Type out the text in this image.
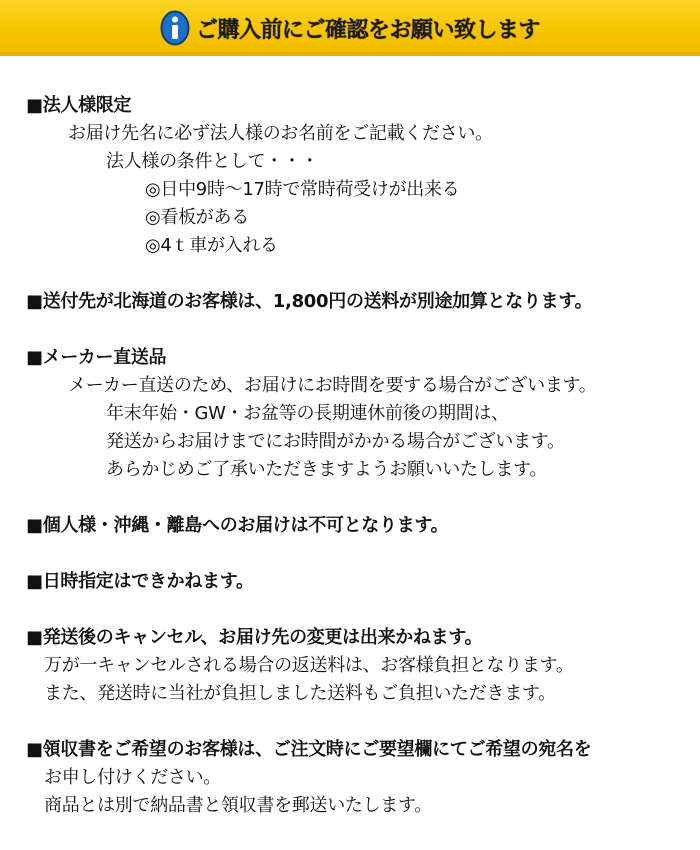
ご購入前にご確認をお願い致します
■法人様限定
お届け先名に必ず法人様のお名前をご記載ください。
法人様の条件として・・・
◎日中9時〜17時で常時荷受けが出来る
◎看板がある
◎4ｔ車が入れる
■送付先が北海道のお客様は、1,800円の送料が別途加算となります。
■メーカー直送品
メーカー直送のため、お届けにお時間を要する場合がございます。
年末年始・GW・お盆等の長期連休前後の期間は、
発送からお届けまでにお時間がかかる場合がございます。
あらかじめご了承いただきますようお願いいたします。
■個人様・沖縄・離島へのお届けは不可となります。
■日時指定はできかねます。
■発送後のキャンセル、お届け先の変更は出来かねます。
万が一キャンセルされる場合の返送料は、お客様負担となります。
また、発送時に当社が負担しました送料もご負担いただきます。
■領収書をご希望のお客様は、ご注文時にご要望欄にてご希望の宛名を
お申し付けください。
商品とは別で納品書と領収書を郵送いたします。
